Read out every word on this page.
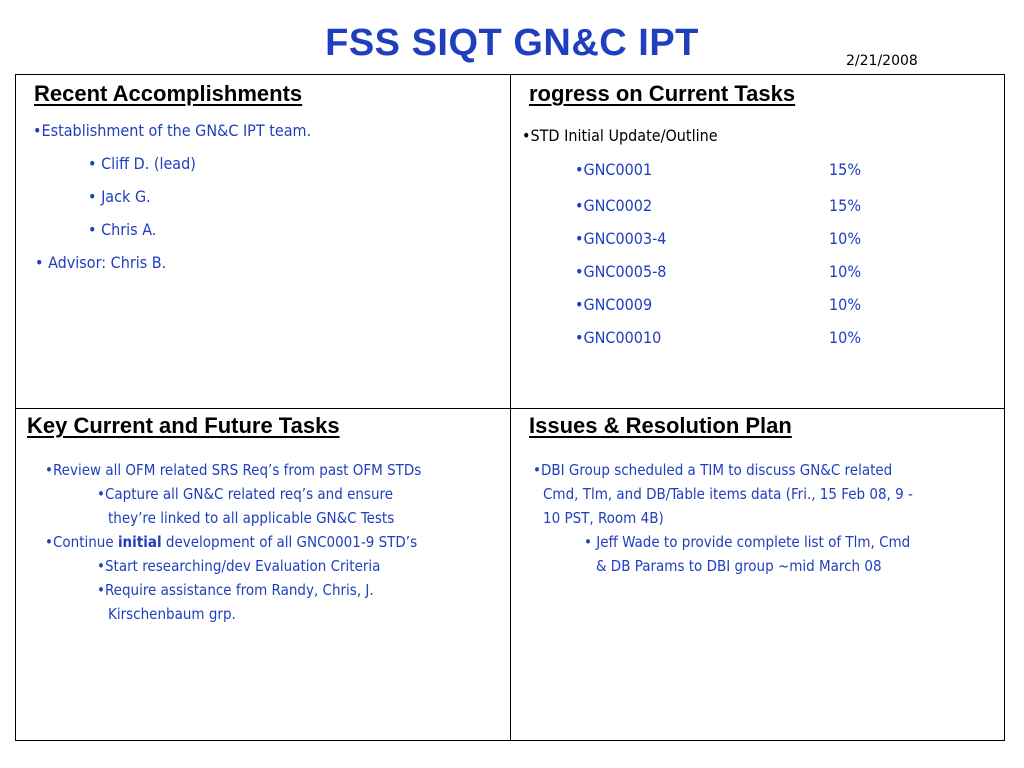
FSS SIQT GN&C IPT	2/21/2008
Recent Accomplishments
•Establishment of the GN&C IPT team.
• Cliff D. (lead)
• Jack G.
• Chris A.
• Advisor: Chris B.
rogress on Current Tasks
•STD Initial Update/Outline
•GNC0001	15%
•GNC0002	15%
•GNC0003-4	10%
•GNC0005-8	10%
•GNC0009	10%
•GNC00010	10%
Key Current and Future Tasks
•Review all OFM related SRS Req’s from past OFM STDs
•Capture all GN&C related req’s and ensure
they’re linked to all applicable GN&C Tests
•Continue initial development of all GNC0001-9 STD’s
•Start researching/dev Evaluation Criteria
•Require assistance from Randy, Chris, J.
Kirschenbaum grp.
Issues & Resolution Plan
•DBI Group scheduled a TIM to discuss GN&C related
Cmd, Tlm, and DB/Table items data (Fri., 15 Feb 08, 9 -
10 PST, Room 4B)
• Jeff Wade to provide complete list of Tlm, Cmd
& DB Params to DBI group ~mid March 08
